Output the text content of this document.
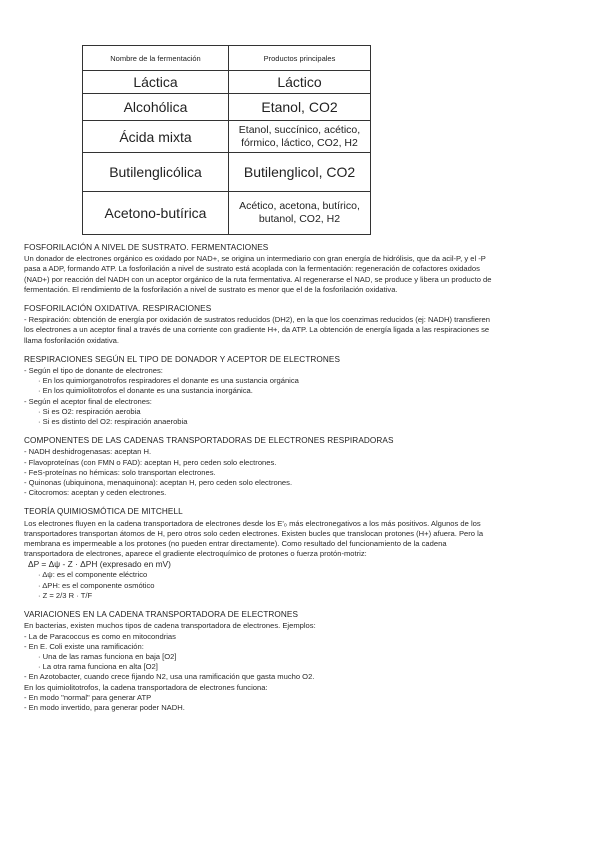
Nombre de la fermentación	Productos principales
Láctica	Láctico
Alcohólica	Etanol, CO2
Ácida mixta	Etanol, succínico, acético,
fórmico, láctico, CO2, H2

Butilenglicólica	Butilenglicol, CO2
Acetono-butírica	Acético, acetona, butírico,
butanol, CO2, H2
FOSFORILACIÓN A NIVEL DE SUSTRATO. FERMENTACIONES

Un donador de electrones orgánico es oxidado por NAD+, se origina un intermediario con gran energía de hidrólisis, que da acil-P, y el -P
pasa a ADP, formando ATP. La fosforilación a nivel de sustrato está acoplada con la fermentación: regeneración de cofactores oxidados
(NAD+) por reacción del NADH con un aceptor orgánico de la ruta fermentativa. Al regenerarse el NAD, se produce y libera un producto de
fermentación. El rendimiento de la fosforilación a nivel de sustrato es menor que el de la fosforilación oxidativa.

FOSFORILACIÓN OXIDATIVA. RESPIRACIONES

- Respiración: obtención de energía por oxidación de sustratos reducidos (DH2), en la que los coenzimas reducidos (ej: NADH) transfieren
los electrones a un aceptor final a través de una corriente con gradiente H+, da ATP. La obtención de energía ligada a las respiraciones se
llama fosforilación oxidativa.

RESPIRACIONES SEGÚN EL TIPO DE DONADOR Y ACEPTOR DE ELECTRONES
- Según el tipo de donante de electrones:
· En los quimiorganotrofos respiradores el donante es una sustancia orgánica
· En los quimiolitotrofos el donante es una sustancia inorgánica.
- Según el aceptor final de electrones:
· Si es O2: respiración aerobia
· Si es distinto del O2: respiración anaerobia
COMPONENTES DE LAS CADENAS TRANSPORTADORAS DE ELECTRONES RESPIRADORAS
- NADH deshidrogenasas: aceptan H.
- Flavoproteínas (con FMN o FAD): aceptan H, pero ceden solo electrones.
- FeS-proteínas no hémicas: solo transportan electrones.
- Quinonas (ubiquinona, menaquinona): aceptan H, pero ceden solo electrones.
- Citocromos: aceptan y ceden electrones.
TEORÍA QUIMIOSMÓTICA DE MITCHELL
Los electrones fluyen en la cadena transportadora de electrones desde los E'₀ más electronegativos a los más positivos. Algunos de los
transportadores transportan átomos de H, pero otros solo ceden electrones. Existen bucles que translocan protones (H+) afuera. Pero la
membrana es impermeable a los protones (no pueden entrar directamente). Como resultado del funcionamiento de la cadena
transportadora de electrones, aparece el gradiente electroquímico de protones o fuerza protón-motriz:
ΔP = Δψ - Z · ΔPH (expresado en mV)
· Δψ: es el componente eléctrico
· ΔPH: es el componente osmótico
· Z = 2/3 R · T/F
VARIACIONES EN LA CADENA TRANSPORTADORA DE ELECTRONES
En bacterias, existen muchos tipos de cadena transportadora de electrones. Ejemplos:
- La de Paracoccus es como en mitocondrias
- En E. Coli existe una ramificación:
· Una de las ramas funciona en baja [O2]
· La otra rama funciona en alta [O2]
- En Azotobacter, cuando crece fijando N2, usa una ramificación que gasta mucho O2.
En los quimiolitotrofos, la cadena transportadora de electrones funciona:
- En modo "normal" para generar ATP
- En modo invertido, para generar poder NADH.
